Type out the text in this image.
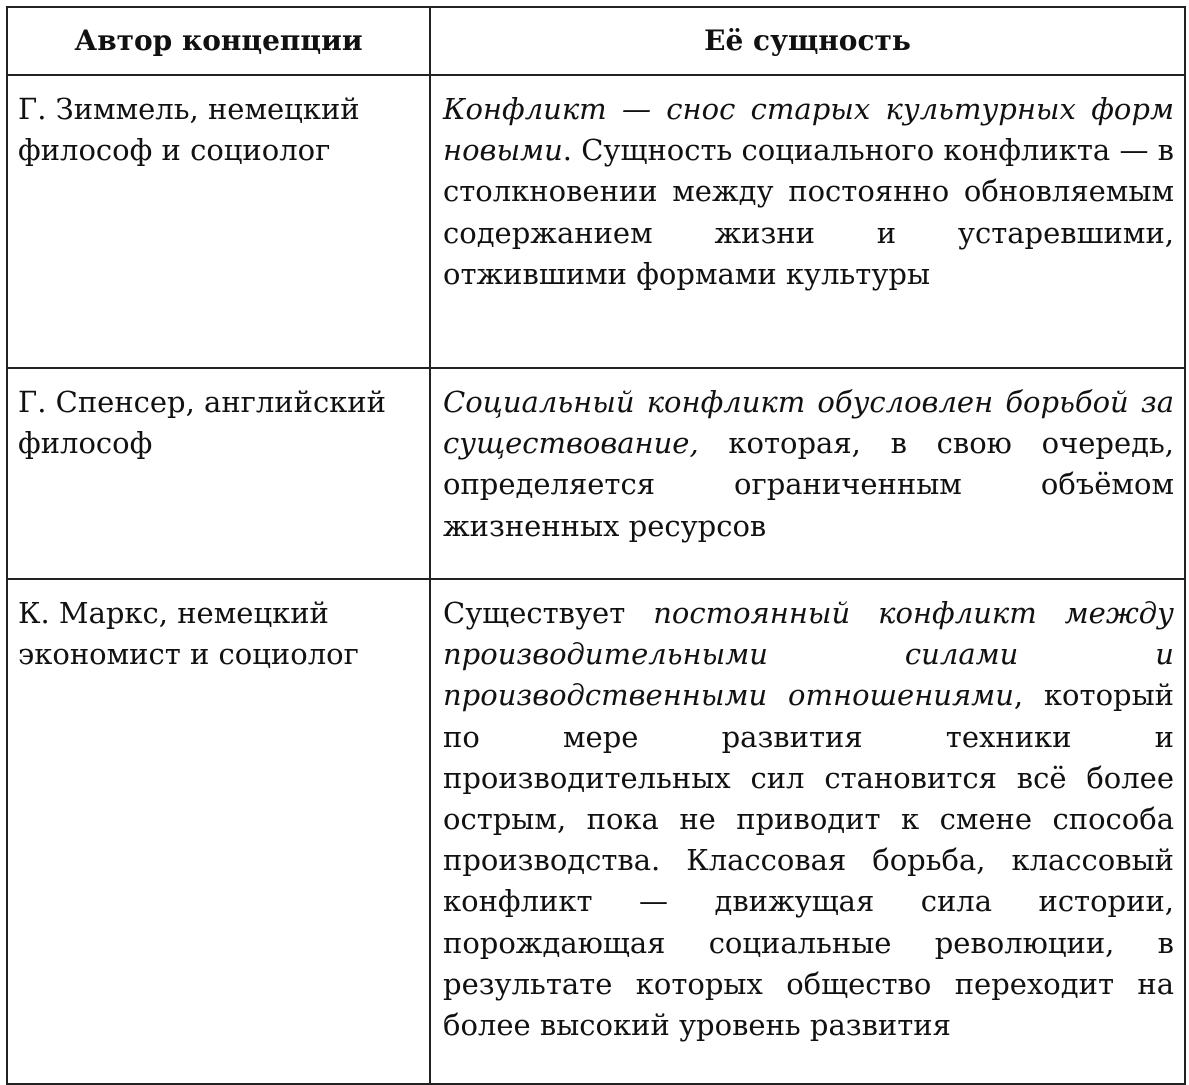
Автор концепции	Её сущность
Г. Зиммель, немецкий философ и социолог	Конфликт — снос старых культурных форм новыми. Сущность социального конфликта — в столкновении между постоянно обновляемым содержанием жизни и устаревшими, отжившими формами культуры
Г. Спенсер, английский философ	Социальный конфликт обусловлен борьбой за существование, которая, в свою очередь, определяется ограниченным объёмом жизненных ресурсов
К. Маркс, немецкий экономист и социолог	Существует постоянный конфликт между производительными силами и производственными отношениями, который по мере развития техники и производительных сил становится всё более острым, пока не приводит к смене способа производства. Классовая борьба, классовый конфликт — движущая сила истории, порождающая социальные революции, в результате которых общество переходит на более высокий уровень развития
